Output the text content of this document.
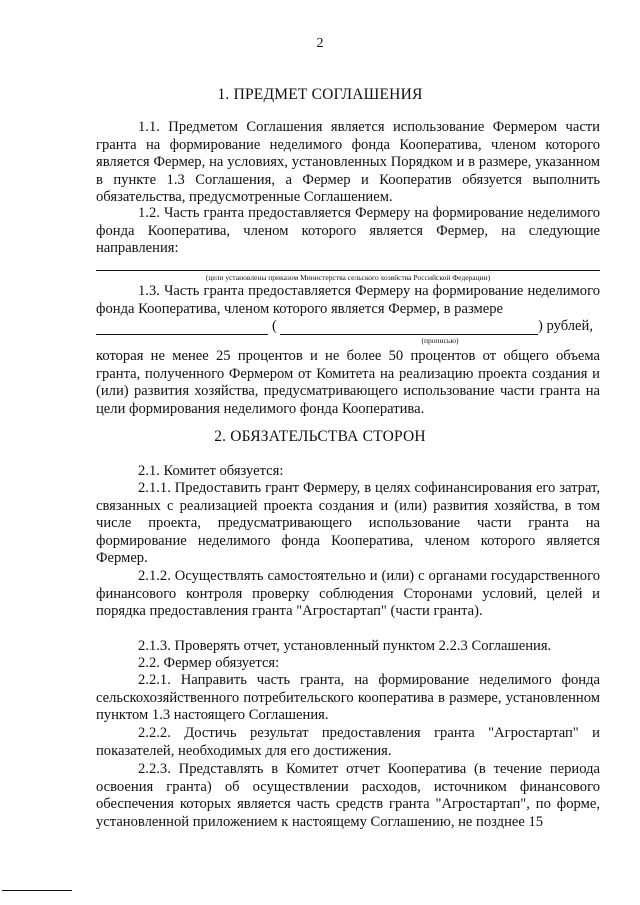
2
1. ПРЕДМЕТ СОГЛАШЕНИЯ
1.1. Предметом Соглашения является использование Фермером части гранта на формирование неделимого фонда Кооператива, членом которого является Фермер, на условиях, установленных Порядком и в размере, указанном в пункте 1.3 Соглашения, а Фермер и Кооператив обязуется выполнить обязательства, предусмотренные Соглашением.
1.2. Часть гранта предоставляется Фермеру на формирование неделимого фонда Кооператива, членом которого является Фермер, на следующие направления:
(цели установлены приказом Министерства сельского хозяйства Российской Федерации)
1.3. Часть гранта предоставляется Фермеру на формирование неделимого фонда Кооператива, членом которого является Фермер, в размере
(	) рублей,
(прописью)
которая не менее 25 процентов и не более 50 процентов от общего объема гранта, полученного Фермером от Комитета на реализацию проекта создания и (или) развития хозяйства, предусматривающего использование части гранта на цели формирования неделимого фонда Кооператива.
2. ОБЯЗАТЕЛЬСТВА СТОРОН
2.1. Комитет обязуется:
2.1.1. Предоставить грант Фермеру, в целях софинансирования его затрат, связанных с реализацией проекта создания и (или) развития хозяйства, в том числе проекта, предусматривающего использование части гранта на формирование неделимого фонда Кооператива, членом которого является Фермер.
2.1.2. Осуществлять самостоятельно и (или) с органами государственного финансового контроля проверку соблюдения Сторонами условий, целей и порядка предоставления гранта "Агростартап" (части гранта).
2.1.3. Проверять отчет, установленный пунктом 2.2.3 Соглашения.
2.2. Фермер обязуется:
2.2.1. Направить часть гранта, на формирование неделимого фонда сельскохозяйственного потребительского кооператива в размере, установленном пунктом 1.3 настоящего Соглашения.
2.2.2. Достичь результат предоставления гранта "Агростартап" и показателей, необходимых для его достижения.
2.2.3. Представлять в Комитет отчет Кооператива (в течение периода освоения гранта) об осуществлении расходов, источником финансового обеспечения которых является часть средств гранта "Агростартап", по форме, установленной приложением к настоящему Соглашению, не позднее 15
